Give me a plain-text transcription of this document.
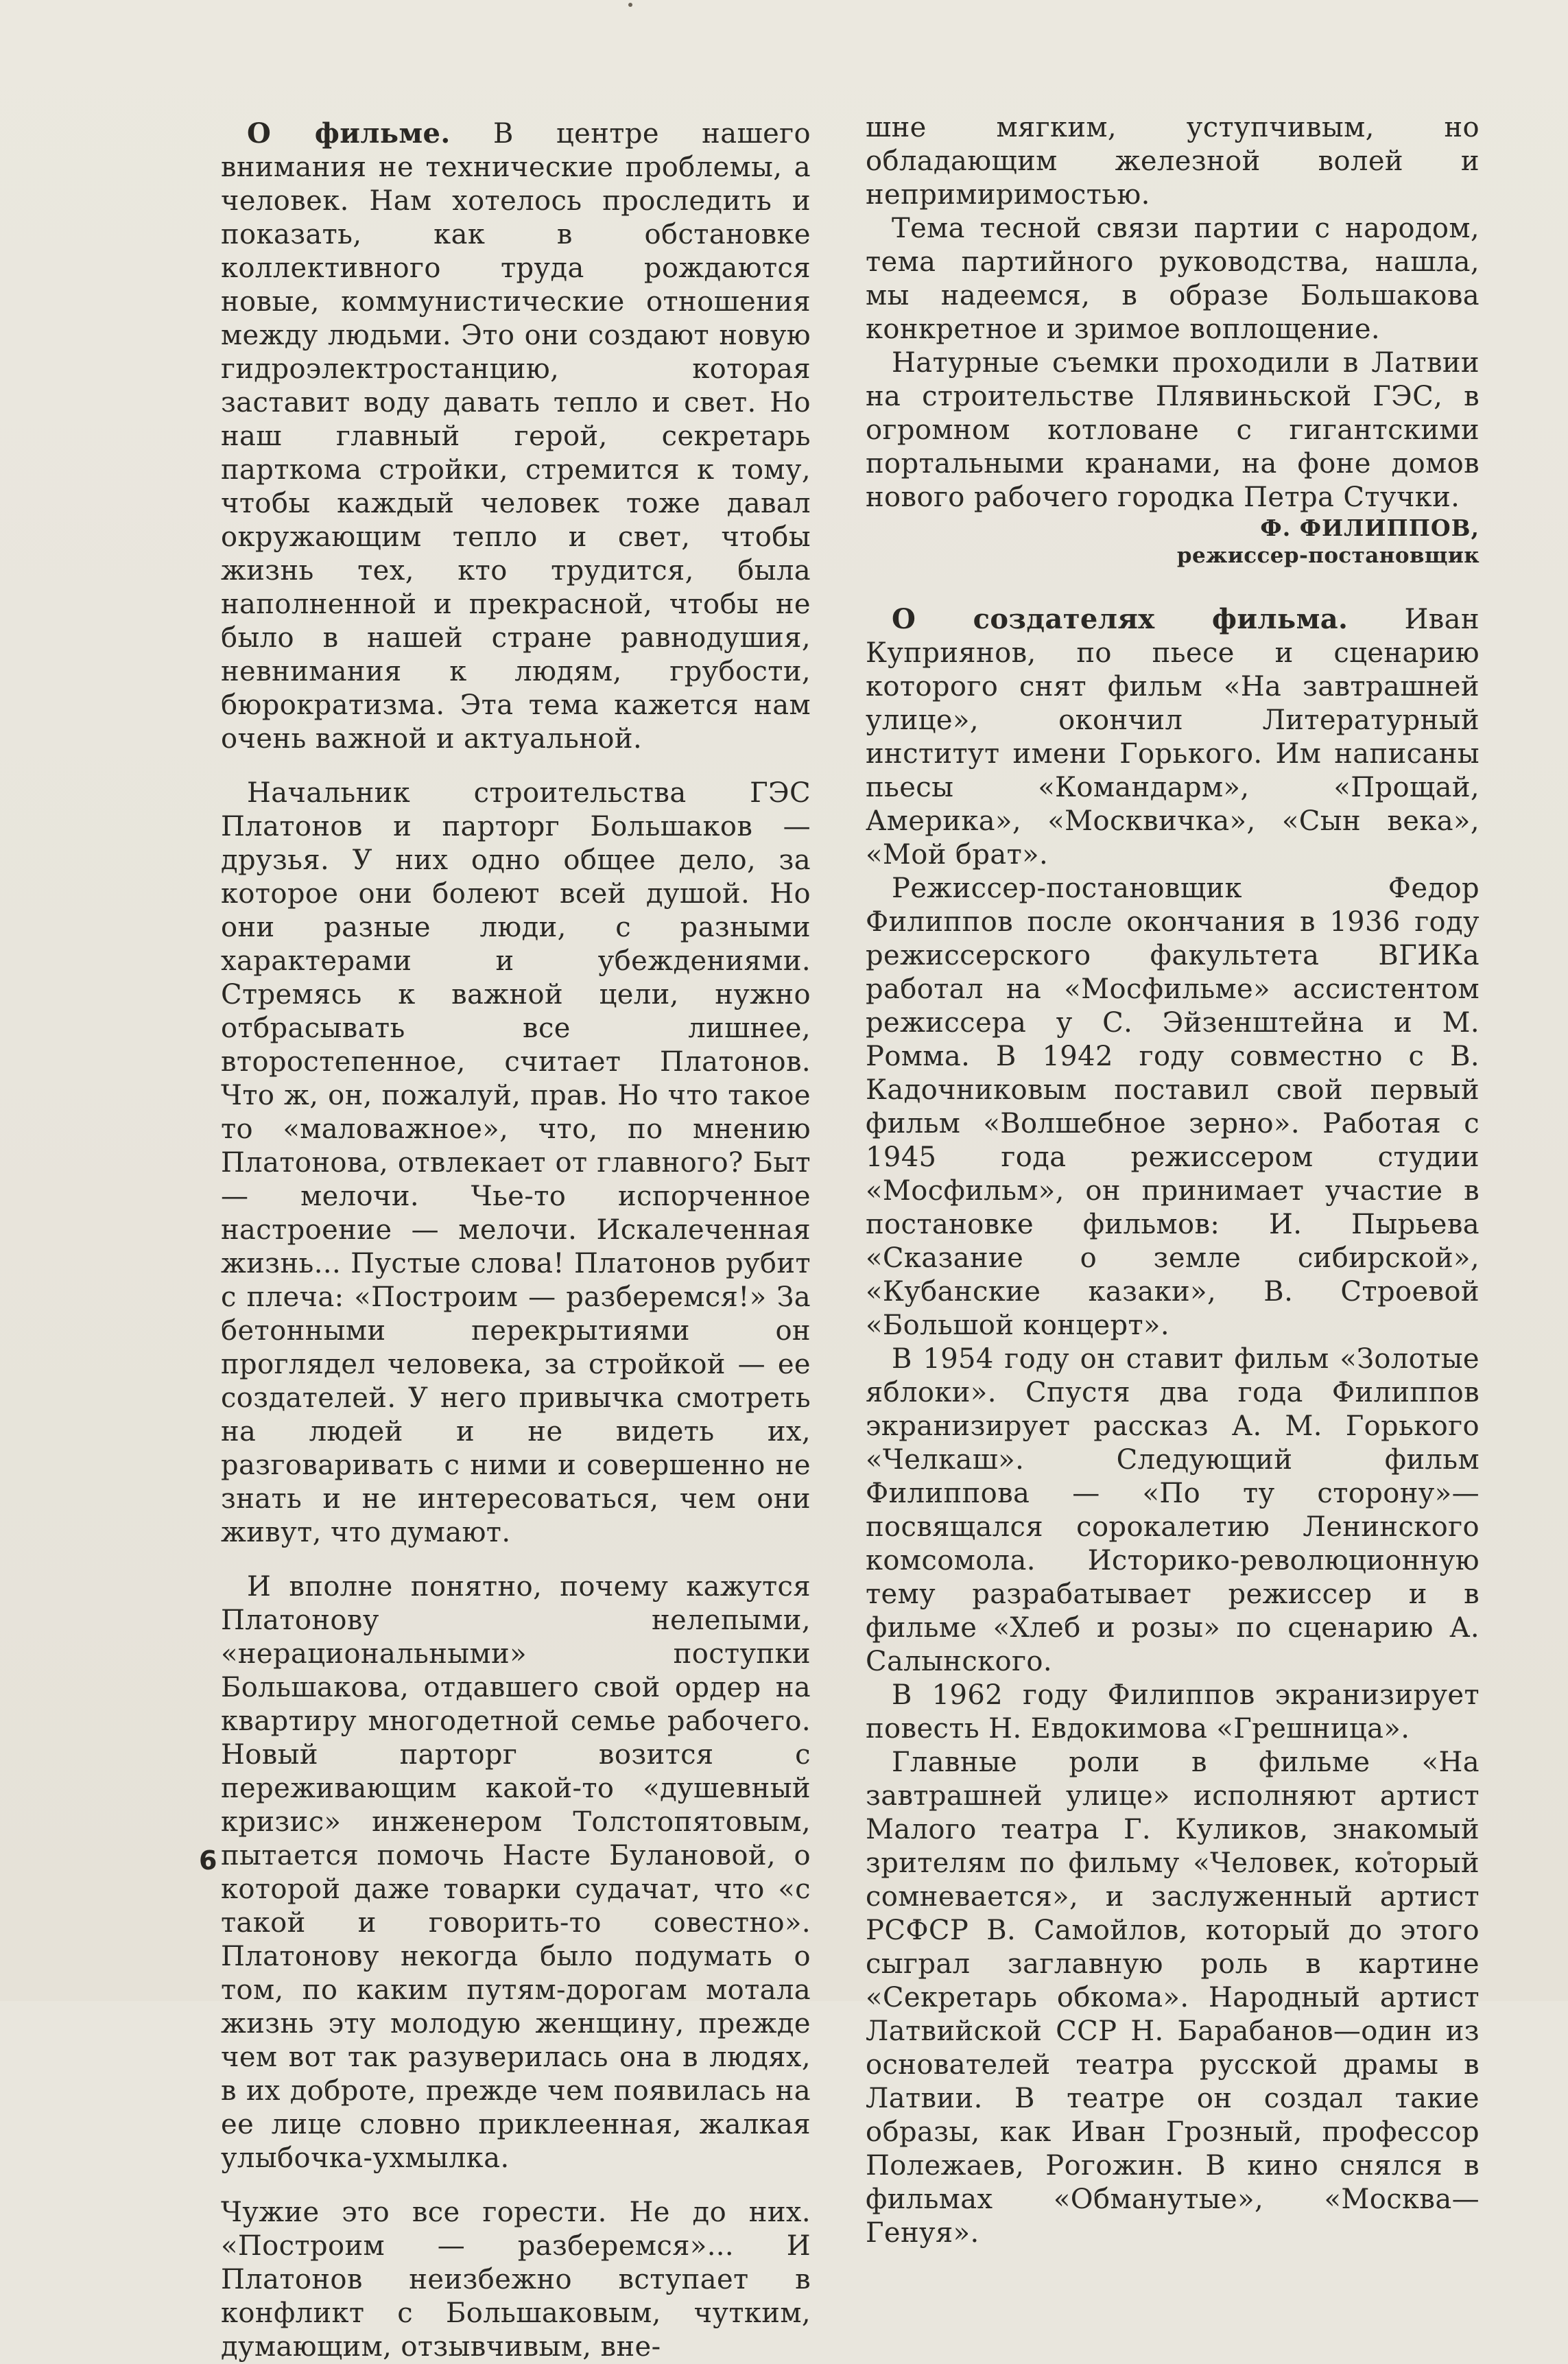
О фильме. В центре нашего внимания не технические проблемы, а человек. Нам хотелось проследить и показать, как в обстановке коллективного труда рождаются новые, коммунистические отношения между людьми. Это они создают новую гидроэлектростанцию, которая заставит воду давать тепло и свет. Но наш главный герой, секретарь парткома стройки, стремится к тому, чтобы каждый человек тоже давал окружающим тепло и свет, чтобы жизнь тех, кто трудится, была наполненной и прекрасной, чтобы не было в нашей стране равнодушия, невнимания к людям, грубости, бюрократизма. Эта тема кажется нам очень важной и актуальной.

Начальник строительства ГЭС Платонов и парторг Большаков — друзья. У них одно общее дело, за которое они болеют всей душой. Но они разные люди, с разными характерами и убеждениями. Стремясь к важной цели, нужно отбрасывать все лишнее, второстепенное, считает Платонов. Что ж, он, пожалуй, прав. Но что такое то «маловажное», что, по мнению Платонова, отвлекает от главного? Быт — мелочи. Чье-то испорченное настроение — мелочи. Искалеченная жизнь... Пустые слова! Платонов рубит с плеча: «Построим — разберемся!» За бетонными перекрытиями он проглядел человека, за стройкой — ее создателей. У него привычка смотреть на людей и не видеть их, разговаривать с ними и совершенно не знать и не интересоваться, чем они живут, что думают.

И вполне понятно, почему кажутся Платонову нелепыми, «нерациональными» поступки Большакова, отдавшего свой ордер на квартиру многодетной семье рабочего. Новый парторг возится с переживающим какой-то «душевный кризис» инженером Толстопятовым, пытается помочь Насте Булановой, о которой даже товарки судачат, что «с такой и говорить-то совестно». Платонову некогда было подумать о том, по каким путям-дорогам мотала жизнь эту молодую женщину, прежде чем вот так разуверилась она в людях, в их доброте, прежде чем появилась на ее лице словно приклеенная, жалкая улыбочка-ухмылка.

Чужие это все горести. Не до них. «Построим — разберемся»... И Платонов неизбежно вступает в конфликт с Большаковым, чутким, думающим, отзывчивым, вне-

шне мягким, уступчивым, но обладающим железной волей и непримиримостью.

Тема тесной связи партии с народом, тема партийного руководства, нашла, мы надеемся, в образе Большакова конкретное и зримое воплощение.

Натурные съемки проходили в Латвии на строительстве Плявиньской ГЭС, в огромном котловане с гигантскими портальными кранами, на фоне домов нового рабочего городка Петра Стучки.

Ф. ФИЛИППОВ,

режиссер-постановщик

О создателях фильма. Иван Куприянов, по пьесе и сценарию которого снят фильм «На завтрашней улице», окончил Литературный институт имени Горького. Им написаны пьесы «Командарм», «Прощай, Америка», «Москвичка», «Сын века», «Мой брат».

Режиссер-постановщик Федор Филиппов после окончания в 1936 году режиссерского факультета ВГИКа работал на «Мосфильме» ассистентом режиссера у С. Эйзенштейна и М. Ромма. В 1942 году совместно с В. Кадочниковым поставил свой первый фильм «Волшебное зерно». Работая с 1945 года режиссером студии «Мосфильм», он принимает участие в постановке фильмов: И. Пырьева «Сказание о земле сибирской», «Кубанские казаки», В. Строевой «Большой концерт».

В 1954 году он ставит фильм «Золотые яблоки». Спустя два года Филиппов экранизирует рассказ А. М. Горького «Челкаш». Следующий фильм Филиппова — «По ту сторону»—посвящался сорокалетию Ленинского комсомола. Историко-революционную тему разрабатывает режиссер и в фильме «Хлеб и розы» по сценарию А. Салынского.

В 1962 году Филиппов экранизирует повесть Н. Евдокимова «Грешница».

Главные роли в фильме «На завтрашней улице» исполняют артист Малого театра Г. Куликов, знакомый зрителям по фильму «Человек, который сомневается», и заслуженный артист РСФСР В. Самойлов, который до этого сыграл заглавную роль в картине «Секретарь обкома». Народный артист Латвийской ССР Н. Барабанов—один из основателей театра русской драмы в Латвии. В театре он создал такие образы, как Иван Грозный, профессор Полежаев, Рогожин. В кино снялся в фильмах «Обманутые», «Москва—Генуя».

6
